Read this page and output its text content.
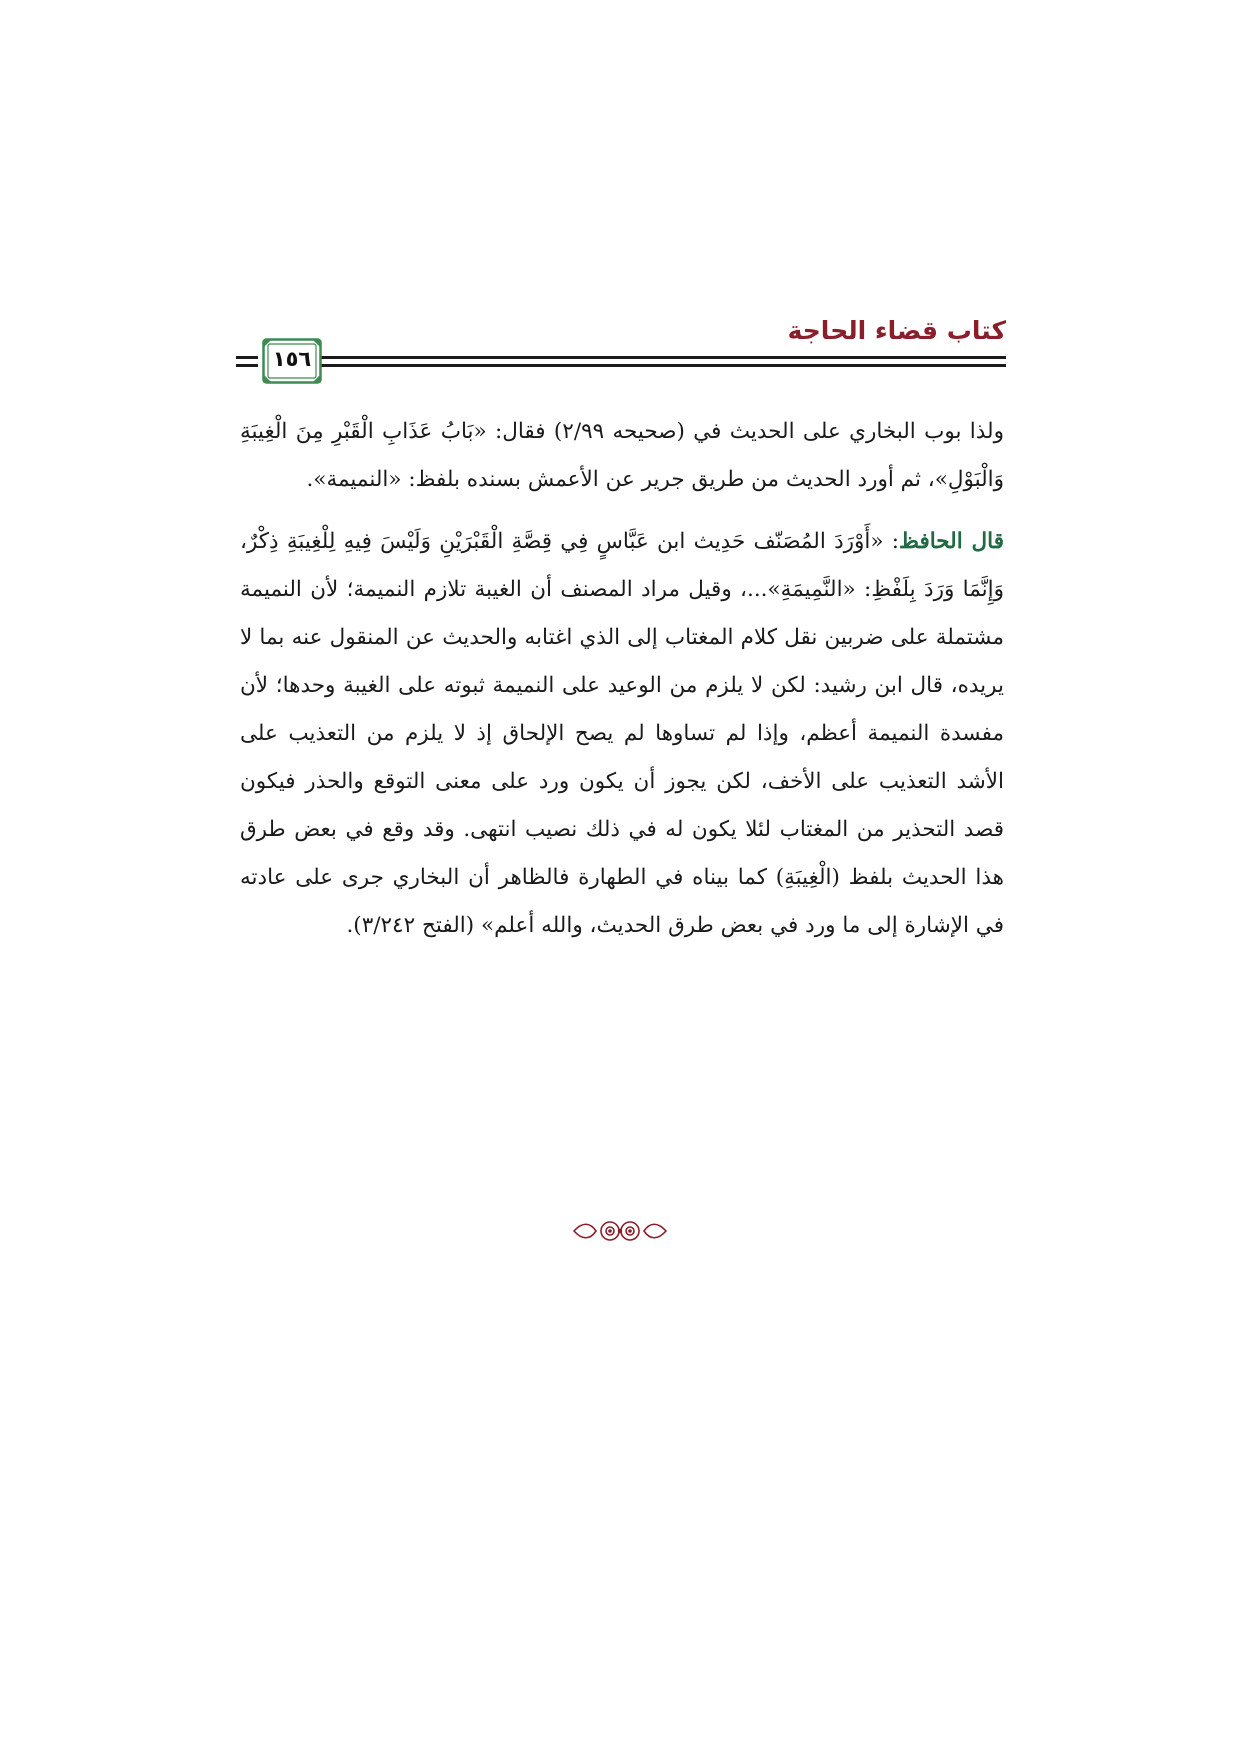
كتاب قضاء الحاجة
١٥٦

ولذا بوب البخاري على الحديث في (صحيحه ٢/٩٩) فقال: «بَابُ عَذَابِ الْقَبْرِ مِنَ الْغِيبَةِ وَالْبَوْلِ»، ثم أورد الحديث من طريق جرير عن الأعمش بسنده بلفظ: «النميمة».

قال الحافظ: «أَوْرَدَ المُصَنّف حَدِيث ابن عَبَّاسٍ فِي قِصَّةِ الْقَبْرَيْنِ وَلَيْسَ فِيهِ لِلْغِيبَةِ ذِكْرٌ، وَإِنَّمَا وَرَدَ بِلَفْظِ: «النَّمِيمَةِ»...، وقيل مراد المصنف أن الغيبة تلازم النميمة؛ لأن النميمة مشتملة على ضربين نقل كلام المغتاب إلى الذي اغتابه والحديث عن المنقول عنه بما لا يريده، قال ابن رشيد: لكن لا يلزم من الوعيد على النميمة ثبوته على الغيبة وحدها؛ لأن مفسدة النميمة أعظم، وإذا لم تساوها لم يصح الإلحاق إذ لا يلزم من التعذيب على الأشد التعذيب على الأخف، لكن يجوز أن يكون ورد على معنى التوقع والحذر فيكون قصد التحذير من المغتاب لئلا يكون له في ذلك نصيب انتهى. وقد وقع في بعض طرق هذا الحديث بلفظ (الْغِيبَةِ) كما بيناه في الطهارة فالظاهر أن البخاري جرى على عادته في الإشارة إلى ما ورد في بعض طرق الحديث، والله أعلم» (الفتح ٣/٢٤٢).
